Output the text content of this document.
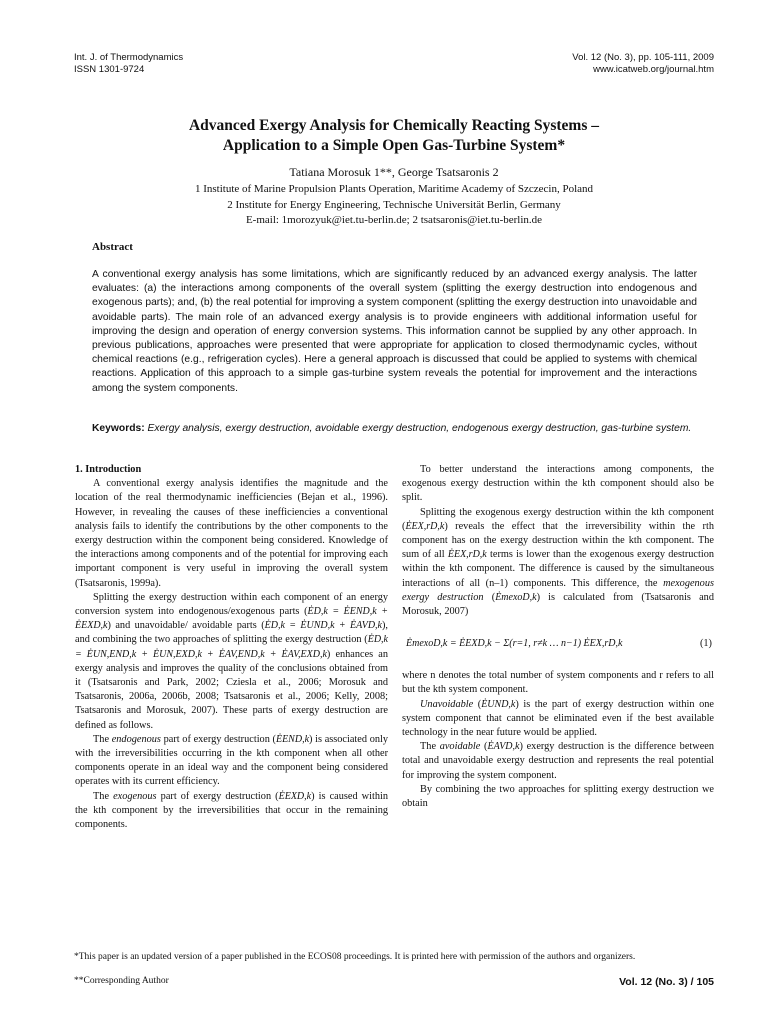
Int. J. of Thermodynamics
ISSN 1301-9724
Vol. 12 (No. 3), pp. 105-111, 2009
www.icatweb.org/journal.htm
Advanced Exergy Analysis for Chemically Reacting Systems –
Application to a Simple Open Gas-Turbine System*
Tatiana Morosuk 1**, George Tsatsaronis 2
1 Institute of Marine Propulsion Plants Operation, Maritime Academy of Szczecin, Poland
2 Institute for Energy Engineering, Technische Universität Berlin, Germany
E-mail: 1morozyuk@iet.tu-berlin.de; 2 tsatsaronis@iet.tu-berlin.de
Abstract
A conventional exergy analysis has some limitations, which are significantly reduced by an advanced exergy analysis. The latter evaluates: (a) the interactions among components of the overall system (splitting the exergy destruction into endogenous and exogenous parts); and, (b) the real potential for improving a system component (splitting the exergy destruction into unavoidable and avoidable parts). The main role of an advanced exergy analysis is to provide engineers with additional information useful for improving the design and operation of energy conversion systems. This information cannot be supplied by any other approach. In previous publications, approaches were presented that were appropriate for application to closed thermodynamic cycles, without chemical reactions (e.g., refrigeration cycles). Here a general approach is discussed that could be applied to systems with chemical reactions. Application of this approach to a simple gas-turbine system reveals the potential for improvement and the interactions among the system components.
Keywords: Exergy analysis, exergy destruction, avoidable exergy destruction, endogenous exergy destruction, gas-turbine system.
1. Introduction

A conventional exergy analysis identifies the magnitude and the location of the real thermodynamic inefficiencies (Bejan et al., 1996). However, in revealing the causes of these inefficiencies a conventional analysis fails to identify the contributions by the other components to the exergy destruction within the component being considered. Knowledge of the interactions among components and of the potential for improving each important component is very useful in improving the overall system (Tsatsaronis, 1999a).

Splitting the exergy destruction within each component of an energy conversion system into endogenous/exogenous parts (ĖD,k = ĖEND,k + ĖEXD,k) and unavoidable/ avoidable parts (ĖD,k = ĖUND,k + ĖAVD,k), and combining the two approaches of splitting the exergy destruction (ĖD,k = ĖUN,END,k + ĖUN,EXD,k + ĖAV,END,k + ĖAV,EXD,k) enhances an exergy analysis and improves the quality of the conclusions obtained from it (Tsatsaronis and Park, 2002; Cziesla et al., 2006; Morosuk and Tsatsaronis, 2006a, 2006b, 2008; Tsatsaronis et al., 2006; Kelly, 2008; Tsatsaronis and Morosuk, 2007). These parts of exergy destruction are defined as follows.

The endogenous part of exergy destruction (ĖEND,k) is associated only with the irreversibilities occurring in the kth component when all other components operate in an ideal way and the component being considered operates with its current efficiency.

The exogenous part of exergy destruction (ĖEXD,k) is caused within the kth component by the irreversibilities that occur in the remaining components.

To better understand the interactions among components, the exogenous exergy destruction within the kth component should also be split.

Splitting the exogenous exergy destruction within the kth component (ĖEX,rD,k) reveals the effect that the irreversibility within the rth component has on the exergy destruction within the kth component. The sum of all ĖEX,rD,k terms is lower than the exogenous exergy destruction within the kth component. The difference is caused by the simultaneous interactions of all (n–1) components. This difference, the mexogenous exergy destruction (ĖmexoD,k) is calculated from (Tsatsaronis and Morosuk, 2007)

ĖmexoD,k = ĖEXD,k − Σ(r=1, r≠k … n−1) ĖEX,rD,k	(1)

where n denotes the total number of system components and r refers to all but the kth system component.

Unavoidable (ĖUND,k) is the part of exergy destruction within one system component that cannot be eliminated even if the best available technology in the near future would be applied.

The avoidable (ĖAVD,k) exergy destruction is the difference between total and unavoidable exergy destruction and represents the real potential for improving the system component.

By combining the two approaches for splitting exergy destruction we obtain

*This paper is an updated version of a paper published in the ECOS08 proceedings. It is printed here with permission of the authors and organizers.
**Corresponding Author	Vol. 12 (No. 3) / 105
